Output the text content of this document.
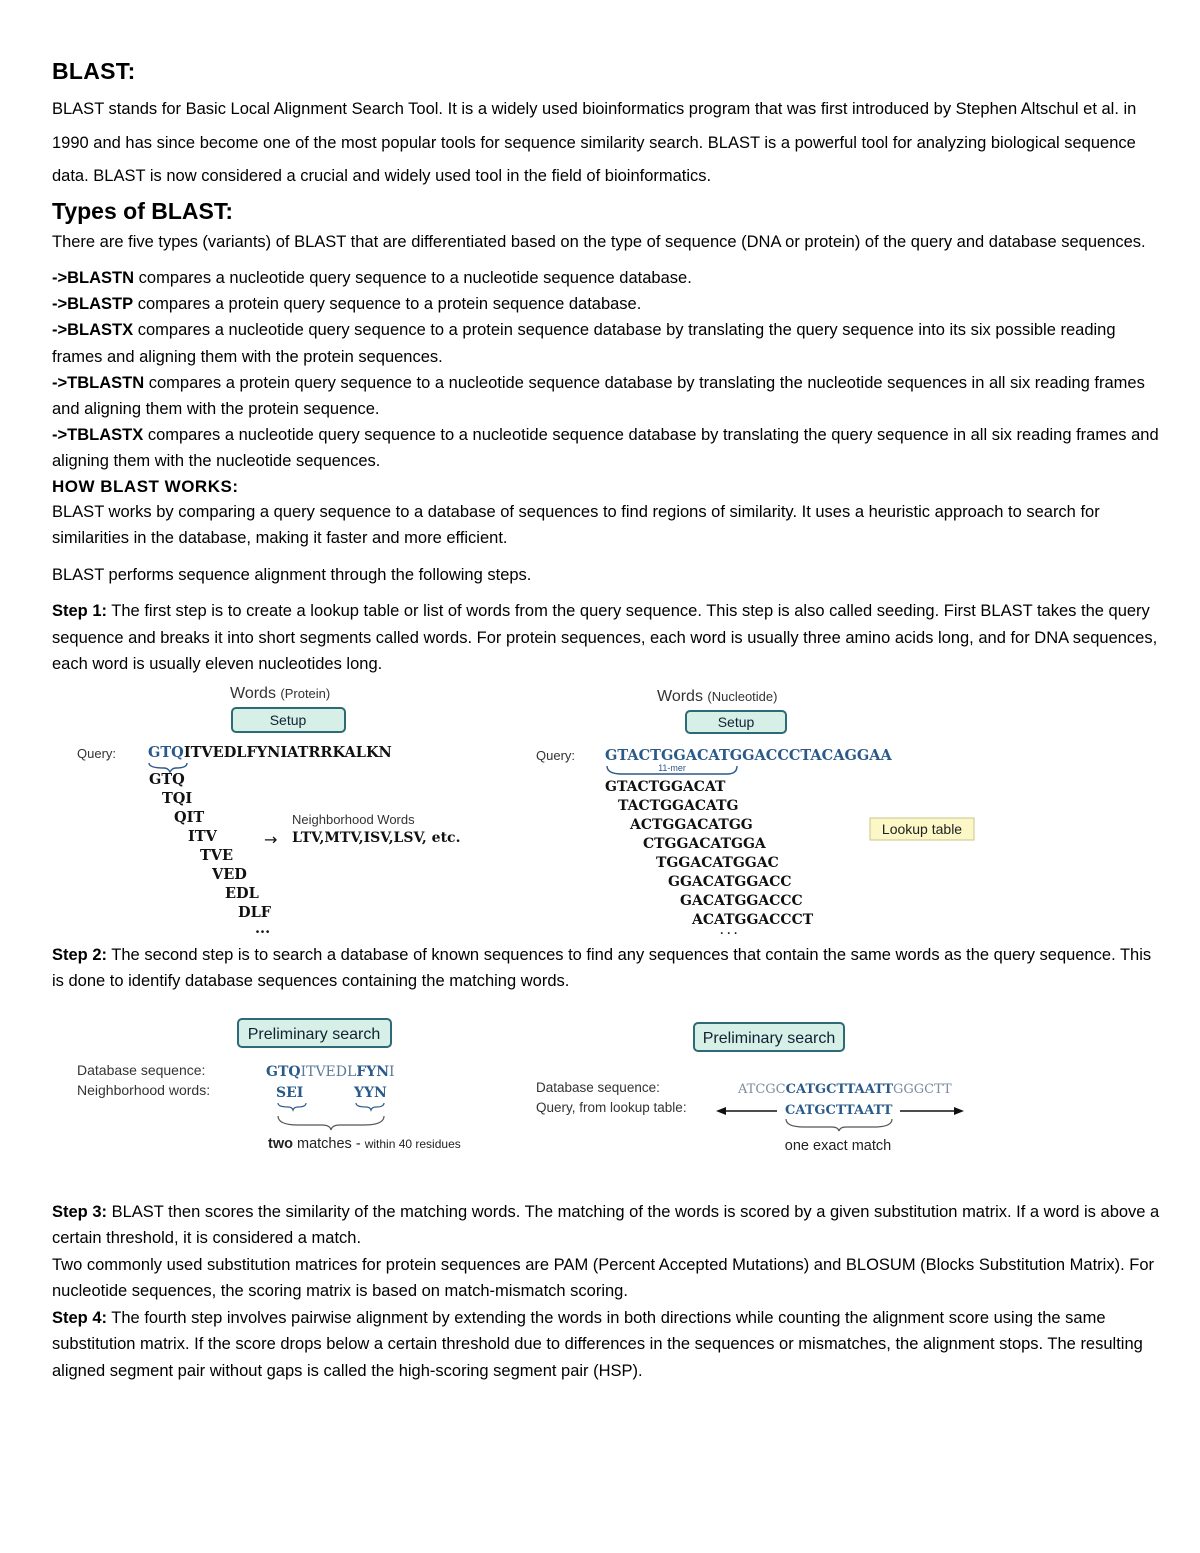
BLAST:

BLAST stands for Basic Local Alignment Search Tool. It is a widely used bioinformatics program that was first introduced by Stephen Altschul et al. in 1990 and has since become one of the most popular tools for sequence similarity search. BLAST is a powerful tool for analyzing biological sequence data. BLAST is now considered a crucial and widely used tool in the field of bioinformatics.

Types of BLAST:

There are five types (variants) of BLAST that are differentiated based on the type of sequence (DNA or protein) of the query and database sequences.

->BLASTN compares a nucleotide query sequence to a nucleotide sequence database.
->BLASTP compares a protein query sequence to a protein sequence database.
->BLASTX compares a nucleotide query sequence to a protein sequence database by translating the query sequence into its six possible reading frames and aligning them with the protein sequences.
->TBLASTN compares a protein query sequence to a nucleotide sequence database by translating the nucleotide sequences in all six reading frames and aligning them with the protein sequence.
->TBLASTX compares a nucleotide query sequence to a nucleotide sequence database by translating the query sequence in all six reading frames and aligning them with the nucleotide sequences.
HOW BLAST WORKS:

BLAST works by comparing a query sequence to a database of sequences to find regions of similarity. It uses a heuristic approach to search for similarities in the database, making it faster and more efficient.

BLAST performs sequence alignment through the following steps.

Step 1: The first step is to create a lookup table or list of words from the query sequence. This step is also called seeding. First BLAST takes the query sequence and breaks it into short segments called words. For protein sequences, each word is usually three amino acids long, and for DNA sequences, each word is usually eleven nucleotides long.

Words (Protein)
Setup
Query: GTQITVEDLFYNIATRRKALKN
GTQ
TQI
QIT
ITV
TVE
VED
EDL
DLF
...
→
Neighborhood Words
LTV,MTV,ISV,LSV, etc.
Words (Nucleotide)
Setup
Query: GTACTGGACATGGACCCTACAGGAA
11-mer
GTACTGGACAT
TACTGGACATG
ACTGGACATGG
CTGGACATGGA
TGGACATGGAC
GGACATGGACC
GACATGGACCC
ACATGGACCCT
. . .
Lookup table

Step 2: The second step is to search a database of known sequences to find any sequences that contain the same words as the query sequence. This is done to identify database sequences containing the matching words.

Preliminary search
Database sequence:
Neighborhood words:
GTQITVEDLFYNI
SEI	YYN
two matches - within 40 residues
Preliminary search
Database sequence:
Query, from lookup table:
ATCGCCATGCTTAATTGGGCTT
CATGCTTAATT
one exact match

Step 3: BLAST then scores the similarity of the matching words. The matching of the words is scored by a given substitution matrix. If a word is above a certain threshold, it is considered a match.

Two commonly used substitution matrices for protein sequences are PAM (Percent Accepted Mutations) and BLOSUM (Blocks Substitution Matrix). For nucleotide sequences, the scoring matrix is based on match-mismatch scoring.

Step 4: The fourth step involves pairwise alignment by extending the words in both directions while counting the alignment score using the same substitution matrix. If the score drops below a certain threshold due to differences in the sequences or mismatches, the alignment stops. The resulting aligned segment pair without gaps is called the high-scoring segment pair (HSP).
